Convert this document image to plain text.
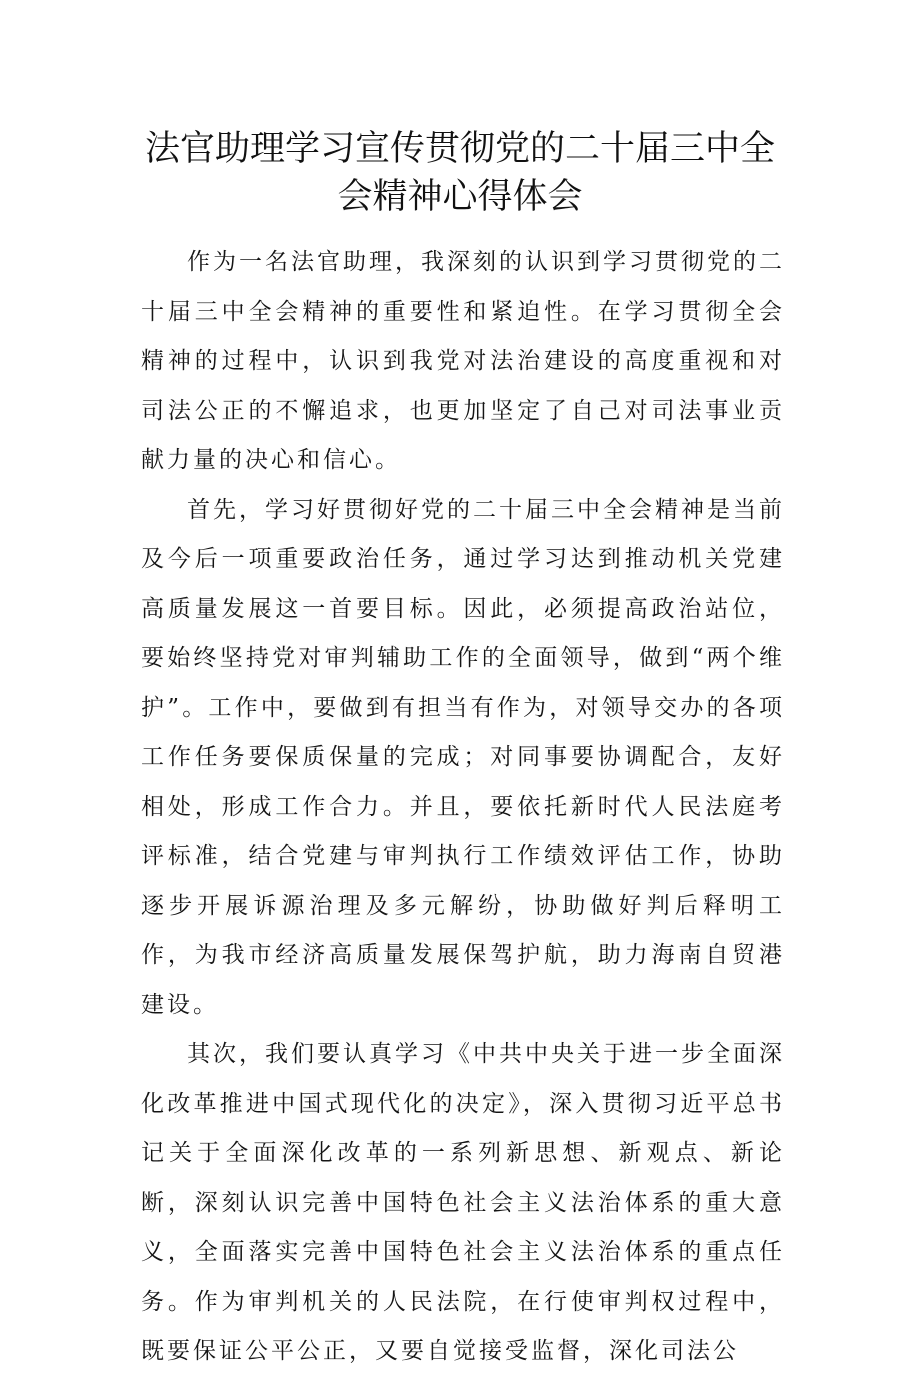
法官助理学习宣传贯彻党的二十届三中全会精神心得体会

作为一名法官助理，我深刻的认识到学习贯彻党的二十届三中全会精神的重要性和紧迫性。在学习贯彻全会精神的过程中，认识到我党对法治建设的高度重视和对司法公正的不懈追求，也更加坚定了自己对司法事业贡献力量的决心和信心。

首先，学习好贯彻好党的二十届三中全会精神是当前及今后一项重要政治任务，通过学习达到推动机关党建高质量发展这一首要目标。因此，必须提高政治站位，要始终坚持党对审判辅助工作的全面领导，做到“两个维护”。工作中，要做到有担当有作为，对领导交办的各项工作任务要保质保量的完成；对同事要协调配合，友好相处，形成工作合力。并且，要依托新时代人民法庭考评标准，结合党建与审判执行工作绩效评估工作，协助逐步开展诉源治理及多元解纷，协助做好判后释明工作，为我市经济高质量发展保驾护航，助力海南自贸港建设。

其次，我们要认真学习《中共中央关于进一步全面深化改革推进中国式现代化的决定》，深入贯彻习近平总书记关于全面深化改革的一系列新思想、新观点、新论断，深刻认识完善中国特色社会主义法治体系的重大意义，全面落实完善中国特色社会主义法治体系的重点任务。作为审判机关的人民法院，在行使审判权过程中，既要保证公平公正，又要自觉接受监督，深化司法公
